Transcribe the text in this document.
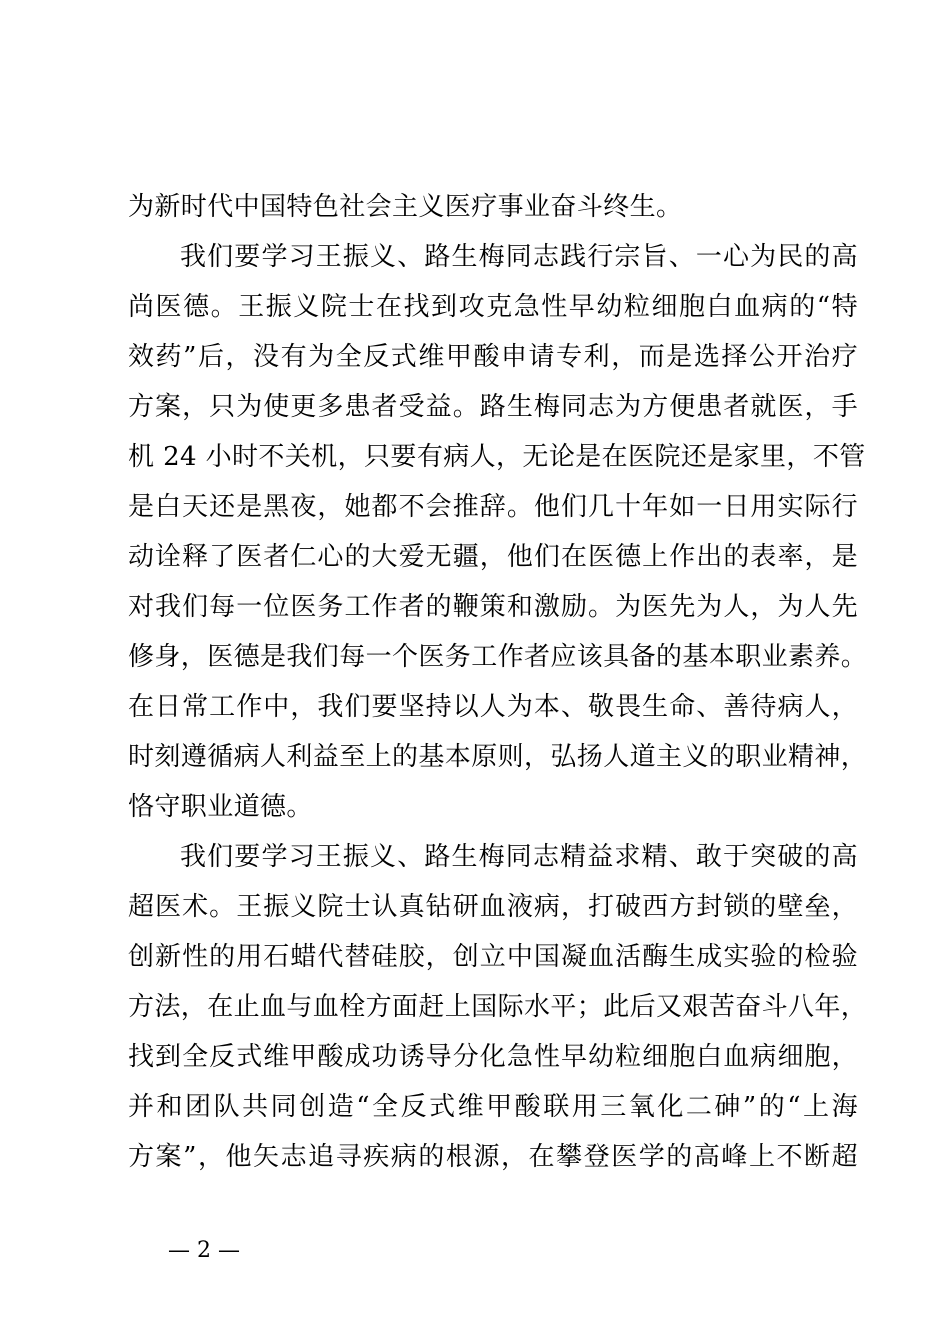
为新时代中国特色社会主义医疗事业奋斗终生。
我们要学习王振义、路生梅同志践行宗旨、一心为民的高
尚医德。王振义院士在找到攻克急性早幼粒细胞白血病的“特
效药”后，没有为全反式维甲酸申请专利，而是选择公开治疗
方案，只为使更多患者受益。路生梅同志为方便患者就医，手
机 24 小时不关机，只要有病人，无论是在医院还是家里，不管
是白天还是黑夜，她都不会推辞。他们几十年如一日用实际行
动诠释了医者仁心的大爱无疆，他们在医德上作出的表率，是
对我们每一位医务工作者的鞭策和激励。为医先为人，为人先
修身，医德是我们每一个医务工作者应该具备的基本职业素养。
在日常工作中，我们要坚持以人为本、敬畏生命、善待病人，
时刻遵循病人利益至上的基本原则，弘扬人道主义的职业精神，
恪守职业道德。
我们要学习王振义、路生梅同志精益求精、敢于突破的高
超医术。王振义院士认真钻研血液病，打破西方封锁的壁垒，
创新性的用石蜡代替硅胶，创立中国凝血活酶生成实验的检验
方法，在止血与血栓方面赶上国际水平；此后又艰苦奋斗八年，
找到全反式维甲酸成功诱导分化急性早幼粒细胞白血病细胞，
并和团队共同创造“全反式维甲酸联用三氧化二砷”的“上海
方案”，他矢志追寻疾病的根源，在攀登医学的高峰上不断超
— 2 —
